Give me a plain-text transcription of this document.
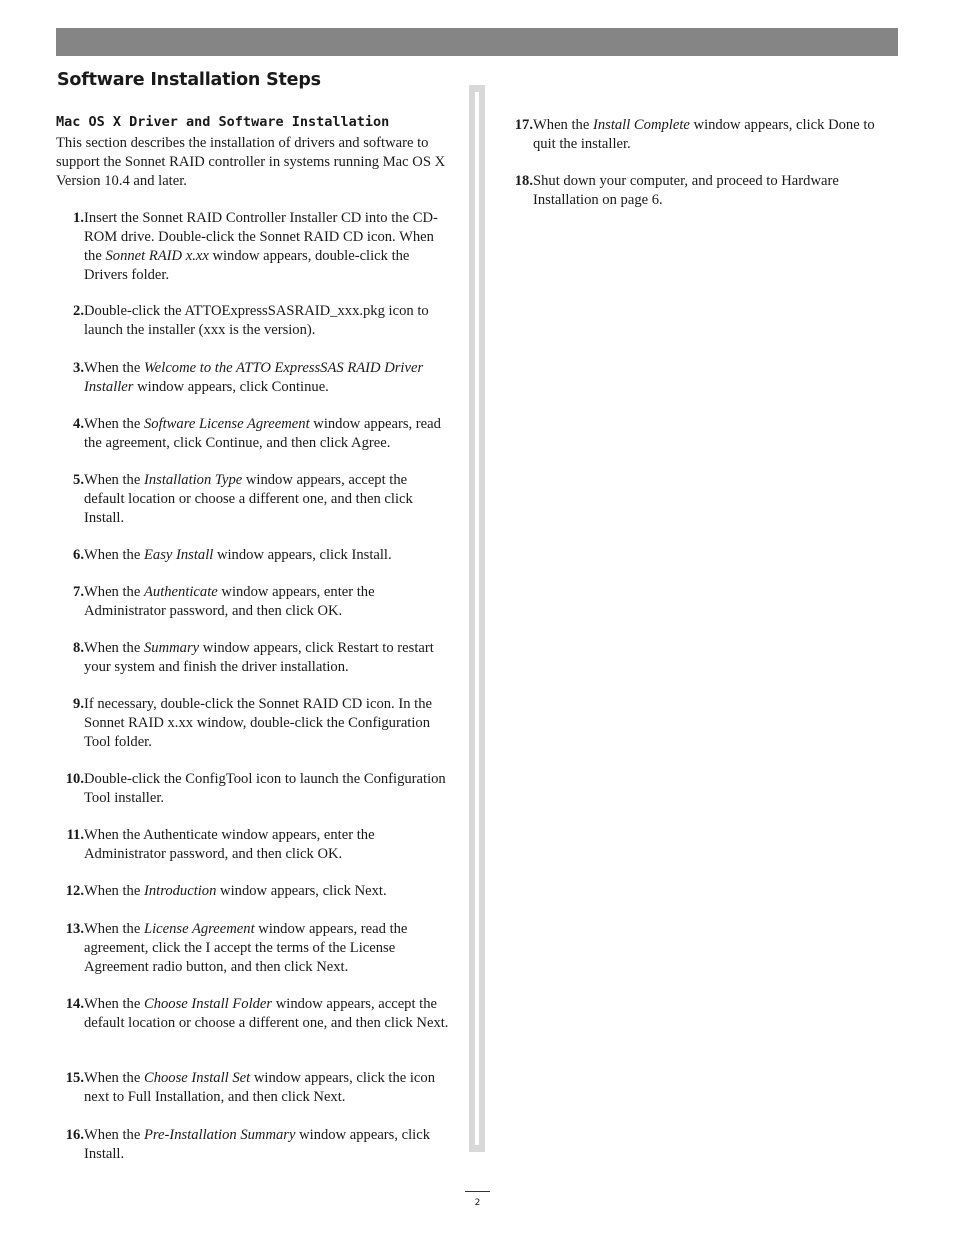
Software Installation Steps
Mac OS X Driver and Software Installation

This section describes the installation of drivers and software to support the Sonnet RAID controller in systems running Mac OS X Version 10.4 and later.

1. Insert the Sonnet RAID Controller Installer CD into the CD-ROM drive. Double-click the Sonnet RAID CD icon. When the Sonnet RAID x.xx window appears, double-click the Drivers folder.
2. Double-click the ATTOExpressSASRAID_xxx.pkg icon to launch the installer (xxx is the version).
3. When the Welcome to the ATTO ExpressSAS RAID Driver Installer window appears, click Continue.
4. When the Software License Agreement window appears, read the agreement, click Continue, and then click Agree.
5. When the Installation Type window appears, accept the default location or choose a different one, and then click Install.
6. When the Easy Install window appears, click Install.
7. When the Authenticate window appears, enter the Administrator password, and then click OK.
8. When the Summary window appears, click Restart to restart your system and finish the driver installation.
9. If necessary, double-click the Sonnet RAID CD icon. In the Sonnet RAID x.xx window, double-click the Configuration Tool folder.
10. Double-click the ConfigTool icon to launch the Configuration Tool installer.
11. When the Authenticate window appears, enter the Administrator password, and then click OK.
12. When the Introduction window appears, click Next.
13. When the License Agreement window appears, read the agreement, click the I accept the terms of the License Agreement radio button, and then click Next.
14. When the Choose Install Folder window appears, accept the default location or choose a different one, and then click Next.
15. When the Choose Install Set window appears, click the icon next to Full Installation, and then click Next.
16. When the Pre-Installation Summary window appears, click Install.
17. When the Install Complete window appears, click Done to quit the installer.
18. Shut down your computer, and proceed to Hardware Installation on page 6.
2
